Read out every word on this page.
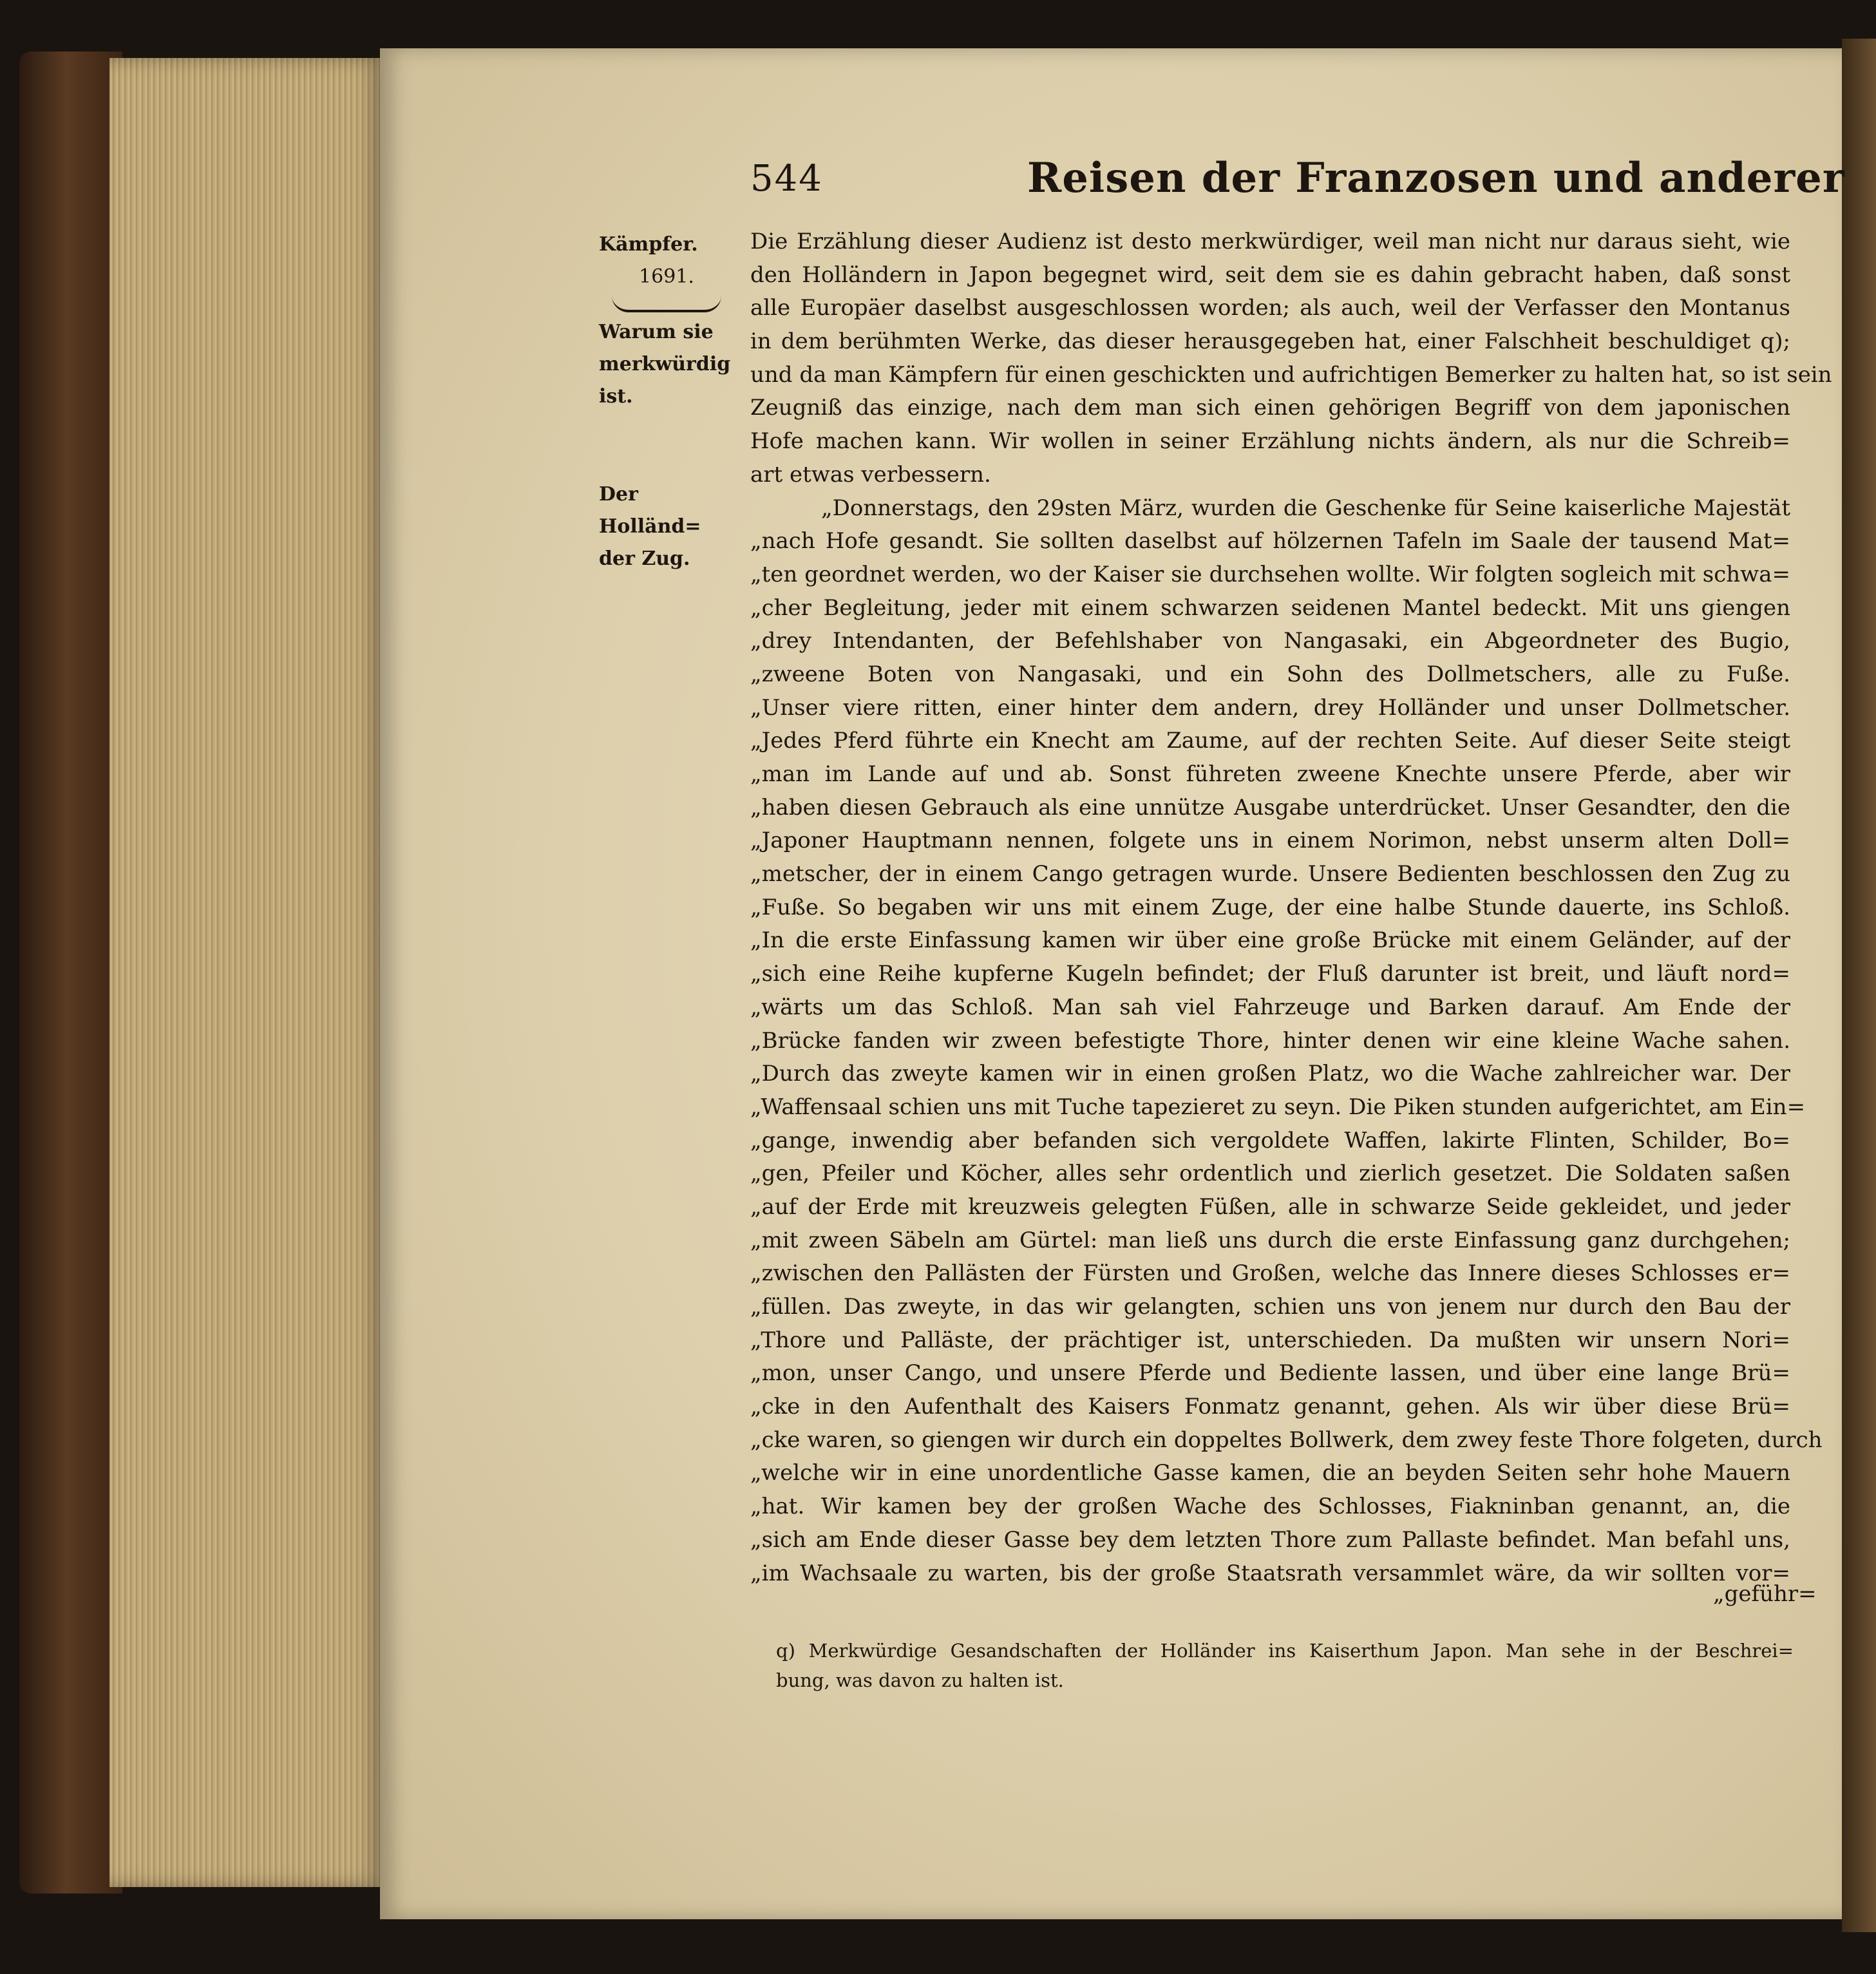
544	Reisen der Franzosen und anderer
Kämpfer.
1691.
Warum sie
merkwürdig
ist.
Der Holländ=
der Zug.
Die Erzählung dieser Audienz ist desto merkwürdiger, weil man nicht nur daraus sieht, wie
den Holländern in Japon begegnet wird, seit dem sie es dahin gebracht haben, daß sonst
alle Europäer daselbst ausgeschlossen worden; als auch, weil der Verfasser den Montanus
in dem berühmten Werke, das dieser herausgegeben hat, einer Falschheit beschuldiget q);
und da man Kämpfern für einen geschickten und aufrichtigen Bemerker zu halten hat, so ist sein
Zeugniß das einzige, nach dem man sich einen gehörigen Begriff von dem japonischen
Hofe machen kann. Wir wollen in seiner Erzählung nichts ändern, als nur die Schreib=
art etwas verbessern.
„Donnerstags, den 29sten März, wurden die Geschenke für Seine kaiserliche Majestät
„nach Hofe gesandt. Sie sollten daselbst auf hölzernen Tafeln im Saale der tausend Mat=
„ten geordnet werden, wo der Kaiser sie durchsehen wollte. Wir folgten sogleich mit schwa=
„cher Begleitung, jeder mit einem schwarzen seidenen Mantel bedeckt. Mit uns giengen
„drey Intendanten, der Befehlshaber von Nangasaki, ein Abgeordneter des Bugio,
„zweene Boten von Nangasaki, und ein Sohn des Dollmetschers, alle zu Fuße.
„Unser viere ritten, einer hinter dem andern, drey Holländer und unser Dollmetscher.
„Jedes Pferd führte ein Knecht am Zaume, auf der rechten Seite. Auf dieser Seite steigt
„man im Lande auf und ab. Sonst führeten zweene Knechte unsere Pferde, aber wir
„haben diesen Gebrauch als eine unnütze Ausgabe unterdrücket. Unser Gesandter, den die
„Japoner Hauptmann nennen, folgete uns in einem Norimon, nebst unserm alten Doll=
„metscher, der in einem Cango getragen wurde. Unsere Bedienten beschlossen den Zug zu
„Fuße. So begaben wir uns mit einem Zuge, der eine halbe Stunde dauerte, ins Schloß.
„In die erste Einfassung kamen wir über eine große Brücke mit einem Geländer, auf der
„sich eine Reihe kupferne Kugeln befindet; der Fluß darunter ist breit, und läuft nord=
„wärts um das Schloß. Man sah viel Fahrzeuge und Barken darauf. Am Ende der
„Brücke fanden wir zween befestigte Thore, hinter denen wir eine kleine Wache sahen.
„Durch das zweyte kamen wir in einen großen Platz, wo die Wache zahlreicher war. Der
„Waffensaal schien uns mit Tuche tapezieret zu seyn. Die Piken stunden aufgerichtet, am Ein=
„gange, inwendig aber befanden sich vergoldete Waffen, lakirte Flinten, Schilder, Bo=
„gen, Pfeiler und Köcher, alles sehr ordentlich und zierlich gesetzet. Die Soldaten saßen
„auf der Erde mit kreuzweis gelegten Füßen, alle in schwarze Seide gekleidet, und jeder
„mit zween Säbeln am Gürtel: man ließ uns durch die erste Einfassung ganz durchgehen;
„zwischen den Pallästen der Fürsten und Großen, welche das Innere dieses Schlosses er=
„füllen. Das zweyte, in das wir gelangten, schien uns von jenem nur durch den Bau der
„Thore und Palläste, der prächtiger ist, unterschieden. Da mußten wir unsern Nori=
„mon, unser Cango, und unsere Pferde und Bediente lassen, und über eine lange Brü=
„cke in den Aufenthalt des Kaisers Fonmatz genannt, gehen. Als wir über diese Brü=
„cke waren, so giengen wir durch ein doppeltes Bollwerk, dem zwey feste Thore folgeten, durch
„welche wir in eine unordentliche Gasse kamen, die an beyden Seiten sehr hohe Mauern
„hat. Wir kamen bey der großen Wache des Schlosses, Fiakninban genannt, an, die
„sich am Ende dieser Gasse bey dem letzten Thore zum Pallaste befindet. Man befahl uns,
„im Wachsaale zu warten, bis der große Staatsrath versammlet wäre, da wir sollten vor=
„geführ=
q) Merkwürdige Gesandschaften der Holländer ins Kaiserthum Japon. Man sehe in der Beschrei=
bung, was davon zu halten ist.
